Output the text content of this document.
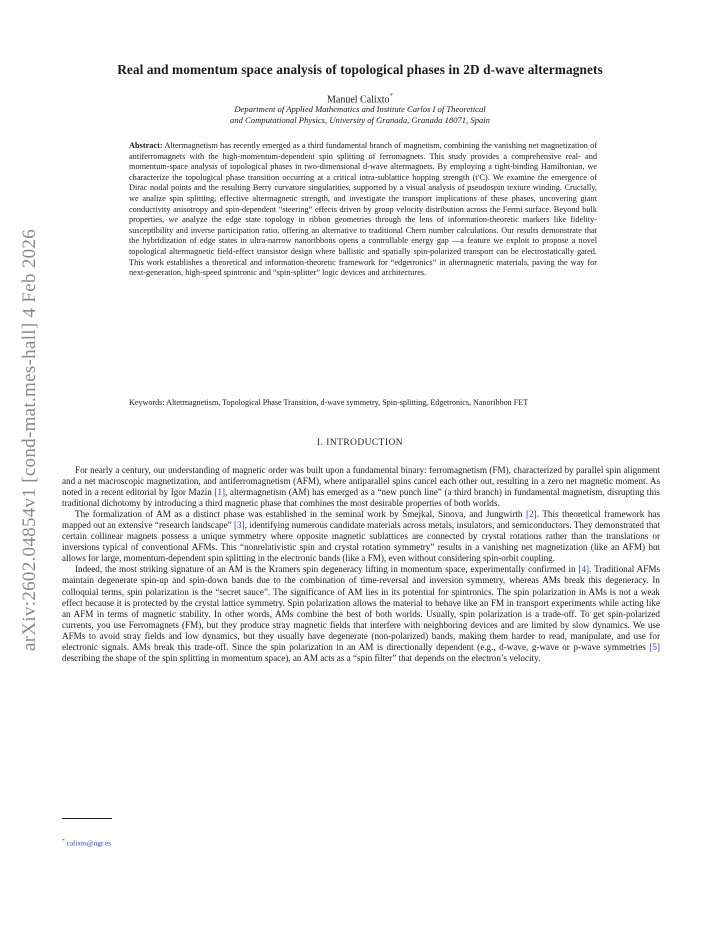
arXiv:2602.04854v1 [cond-mat.mes-hall] 4 Feb 2026
Real and momentum space analysis of topological phases in 2D d-wave altermagnets
Manuel Calixto*
Department of Applied Mathematics and Institute Carlos I of Theoretical
and Computational Physics, University of Granada, Granada 18071, Spain
Abstract: Altermagnetism has recently emerged as a third fundamental branch of magnetism, combining the vanishing net magnetization of antiferromagnets with the high-momentum-dependent spin splitting of ferromagnets. This study provides a comprehensive real- and momentum-space analysis of topological phases in two-dimensional d-wave altermagnets. By employing a tight-binding Hamiltonian, we characterize the topological phase transition occurring at a critical intra-sublattice hopping strength (t′C). We examine the emergence of Dirac nodal points and the resulting Berry curvature singularities, supported by a visual analysis of pseudospin texture winding. Crucially, we analize spin splitting, effective altermagnetic strength, and investigate the transport implications of these phases, uncovering giant conductivity anisotropy and spin-dependent “steering” effects driven by group velocity distribution across the Fermi surface. Beyond bulk properties, we analyze the edge state topology in ribbon geometries through the lens of information-theoretic markers like fidelity-susceptibility and inverse participation ratio, offering an alternative to traditional Chern number calculations. Our results demonstrate that the hybridization of edge states in ultra-narrow nanoribbons opens a controllable energy gap —a feature we exploit to propose a novel topological altermagnetic field-effect transistor design where ballistic and spatially spin-polarized transport can be electrostatically gated. This work establishes a theoretical and information-theoretic framework for “edgetronics” in altermagnetic materials, paving the way for next-generation, high-speed spintronic and “spin-splitter” logic devices and architectures.
Keywords: Altermagnetism, Topological Phase Transition, d-wave symmetry, Spin-splitting, Edgetronics, Nanoribbon FET
I. INTRODUCTION

For nearly a century, our understanding of magnetic order was built upon a fundamental binary: ferromagnetism (FM), characterized by parallel spin alignment and a net macroscopic magnetization, and antiferromagnetism (AFM), where antiparallel spins cancel each other out, resulting in a zero net magnetic moment. As noted in a recent editorial by Igor Mazin [1], altermagnetism (AM) has emerged as a “new punch line” (a third branch) in fundamental magnetism, disrupting this traditional dichotomy by introducing a third magnetic phase that combines the most desirable properties of both worlds.

The formalization of AM as a distinct phase was established in the seminal work by Šmejkal, Sinova, and Jungwirth [2]. This theoretical framework has mapped out an extensive “research landscape” [3], identifying numerous candidate materials across metals, insulators, and semiconductors. They demonstrated that certain collinear magnets possess a unique symmetry where opposite magnetic sublattices are connected by crystal rotations rather than the translations or inversions typical of conventional AFMs. This “nonrelativistic spin and crystal rotation symmetry” results in a vanishing net magnetization (like an AFM) but allows for large, momentum-dependent spin splitting in the electronic bands (like a FM), even without considering spin-orbit coupling.

Indeed, the most striking signature of an AM is the Kramers spin degeneracy lifting in momentum space, experimentally confirmed in [4]. Traditional AFMs maintain degenerate spin-up and spin-down bands due to the combination of time-reversal and inversion symmetry, whereas AMs break this degeneracy. In colloquial terms, spin polarization is the “secret sauce”. The significance of AM lies in its potential for spintronics. The spin polarization in AMs is not a weak effect because it is protected by the crystal lattice symmetry. Spin polarization allows the material to behave like an FM in transport experiments while acting like an AFM in terms of magnetic stability. In other words, AMs combine the best of both worlds. Usually, spin polarization is a trade-off. To get spin-polarized currents, you use Ferromagnets (FM), but they produce stray magnetic fields that interfere with neighboring devices and are limited by slow dynamics. We use AFMs to avoid stray fields and low dynamics, but they usually have degenerate (non-polarized) bands, making them harder to read, manipulate, and use for electronic signals. AMs break this trade-off. Since the spin polarization in an AM is directionally dependent (e.g., d-wave, g-wave or p-wave symmetries [5] describing the shape of the spin splitting in momentum space), an AM acts as a “spin filter” that depends on the electron’s velocity.

* calixto@ugr.es
